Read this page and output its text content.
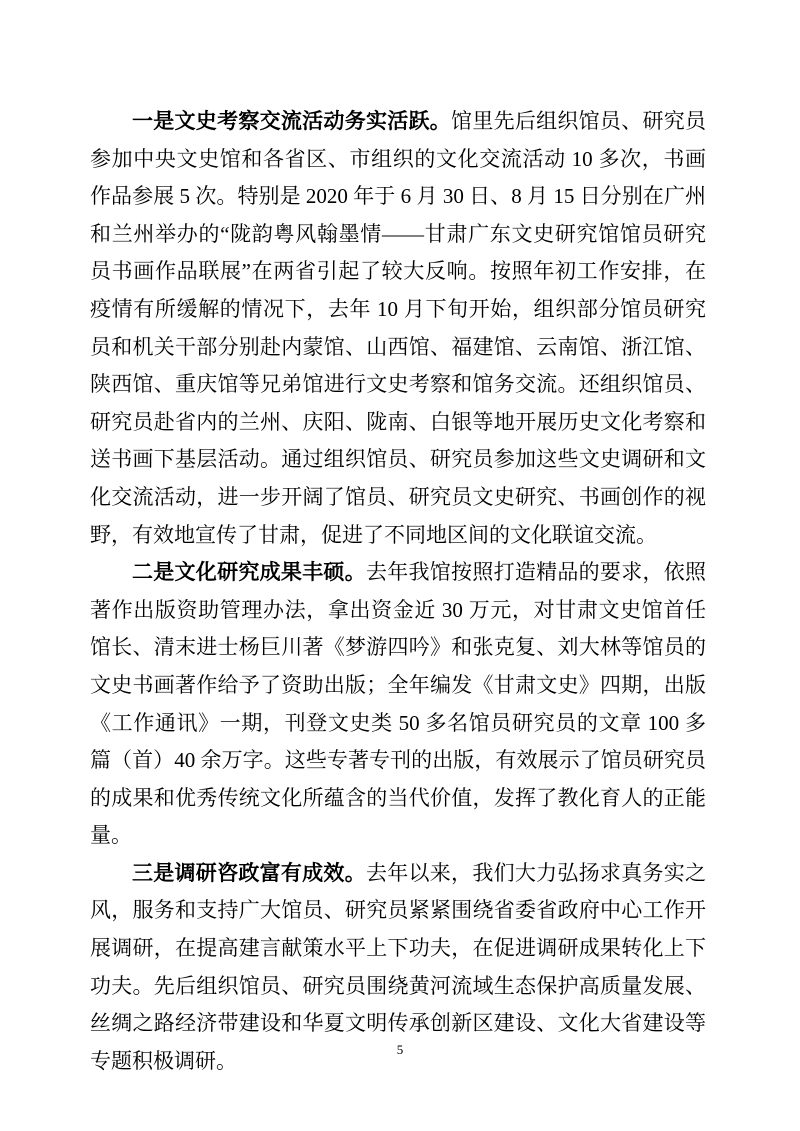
一是文史考察交流活动务实活跃。馆里先后组织馆员、研究员参加中央文史馆和各省区、市组织的文化交流活动 10 多次，书画作品参展 5 次。特别是 2020 年于 6 月 30 日、8 月 15 日分别在广州和兰州举办的“陇韵粤风翰墨情——甘肃广东文史研究馆馆员研究员书画作品联展”在两省引起了较大反响。按照年初工作安排，在疫情有所缓解的情况下，去年 10 月下旬开始，组织部分馆员研究员和机关干部分别赴内蒙馆、山西馆、福建馆、云南馆、浙江馆、陕西馆、重庆馆等兄弟馆进行文史考察和馆务交流。还组织馆员、研究员赴省内的兰州、庆阳、陇南、白银等地开展历史文化考察和送书画下基层活动。通过组织馆员、研究员参加这些文史调研和文化交流活动，进一步开阔了馆员、研究员文史研究、书画创作的视野，有效地宣传了甘肃，促进了不同地区间的文化联谊交流。

二是文化研究成果丰硕。去年我馆按照打造精品的要求，依照著作出版资助管理办法，拿出资金近 30 万元，对甘肃文史馆首任馆长、清末进士杨巨川著《梦游四吟》和张克复、刘大林等馆员的文史书画著作给予了资助出版；全年编发《甘肃文史》四期，出版《工作通讯》一期，刊登文史类 50 多名馆员研究员的文章 100 多篇（首）40 余万字。这些专著专刊的出版，有效展示了馆员研究员的成果和优秀传统文化所蕴含的当代价值，发挥了教化育人的正能量。

三是调研咨政富有成效。去年以来，我们大力弘扬求真务实之风，服务和支持广大馆员、研究员紧紧围绕省委省政府中心工作开展调研，在提高建言献策水平上下功夫，在促进调研成果转化上下功夫。先后组织馆员、研究员围绕黄河流域生态保护高质量发展、丝绸之路经济带建设和华夏文明传承创新区建设、文化大省建设等专题积极调研。	5
